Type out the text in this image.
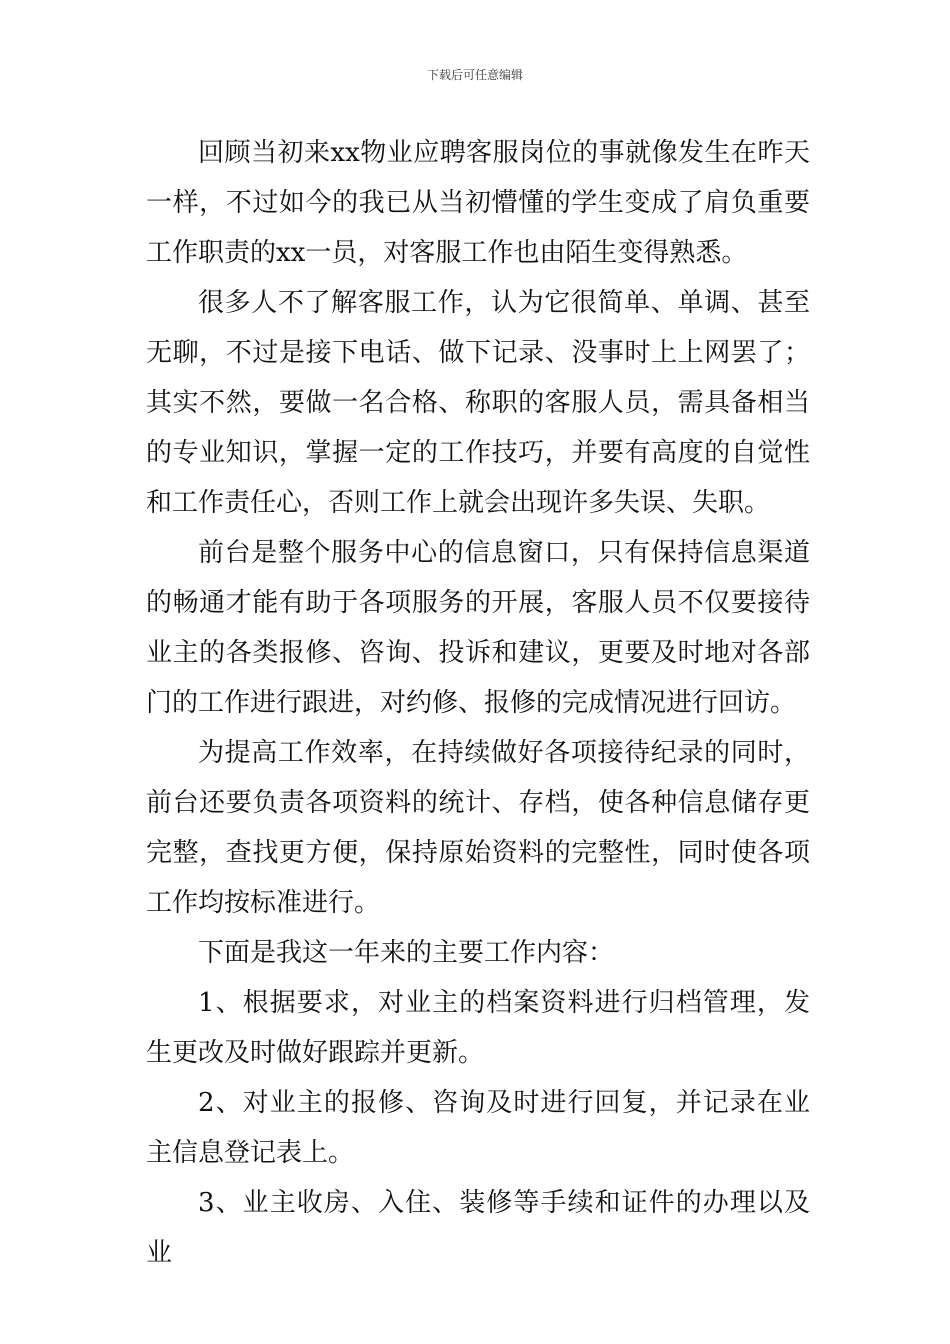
下载后可任意编辑

回顾当初来xx物业应聘客服岗位的事就像发生在昨天一样，不过如今的我已从当初懵懂的学生变成了肩负重要工作职责的xx一员，对客服工作也由陌生变得熟悉。

很多人不了解客服工作，认为它很简单、单调、甚至无聊，不过是接下电话、做下记录、没事时上上网罢了；其实不然，要做一名合格、称职的客服人员，需具备相当的专业知识，掌握一定的工作技巧，并要有高度的自觉性和工作责任心，否则工作上就会出现许多失误、失职。

前台是整个服务中心的信息窗口，只有保持信息渠道的畅通才能有助于各项服务的开展，客服人员不仅要接待业主的各类报修、咨询、投诉和建议，更要及时地对各部门的工作进行跟进，对约修、报修的完成情况进行回访。

为提高工作效率，在持续做好各项接待纪录的同时，前台还要负责各项资料的统计、存档，使各种信息储存更完整，查找更方便，保持原始资料的完整性，同时使各项工作均按标准进行。

下面是我这一年来的主要工作内容：

1、根据要求，对业主的档案资料进行归档管理，发生更改及时做好跟踪并更新。

2、对业主的报修、咨询及时进行回复，并记录在业主信息登记表上。

3、业主收房、入住、装修等手续和证件的办理以及业
